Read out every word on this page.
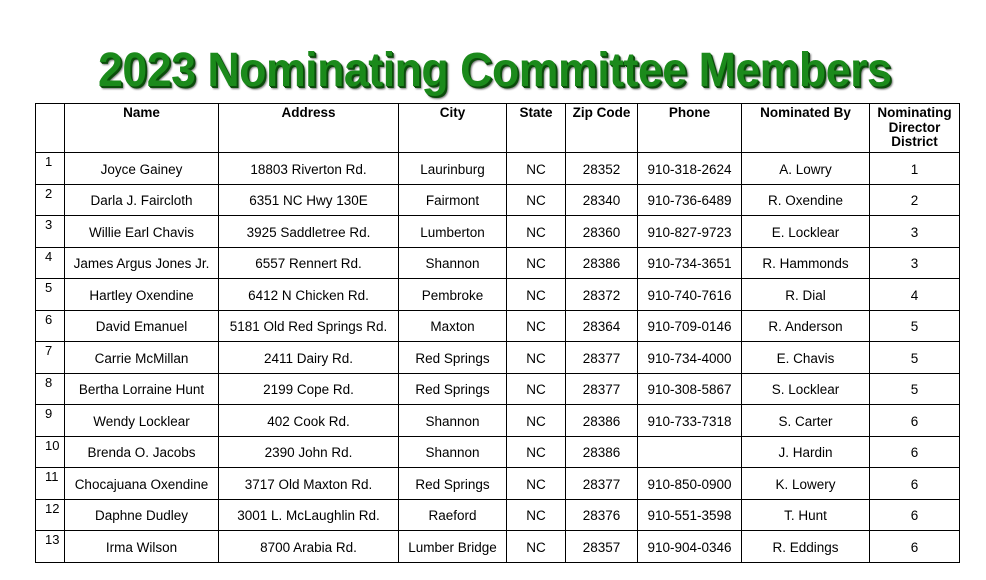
2023 Nominating Committee Members
	Name	Address	City	State	Zip Code	Phone	Nominated By	Nominating Director District
1	Joyce Gainey	18803 Riverton Rd.	Laurinburg	NC	28352	910-318-2624	A. Lowry	1
2	Darla J. Faircloth	6351 NC Hwy 130E	Fairmont	NC	28340	910-736-6489	R. Oxendine	2
3	Willie Earl Chavis	3925 Saddletree Rd.	Lumberton	NC	28360	910-827-9723	E. Locklear	3
4	James Argus Jones Jr.	6557 Rennert Rd.	Shannon	NC	28386	910-734-3651	R. Hammonds	3
5	Hartley Oxendine	6412 N Chicken Rd.	Pembroke	NC	28372	910-740-7616	R. Dial	4
6	David Emanuel	5181 Old Red Springs Rd.	Maxton	NC	28364	910-709-0146	R. Anderson	5
7	Carrie McMillan	2411 Dairy Rd.	Red Springs	NC	28377	910-734-4000	E. Chavis	5
8	Bertha Lorraine Hunt	2199 Cope Rd.	Red Springs	NC	28377	910-308-5867	S. Locklear	5
9	Wendy Locklear	402 Cook Rd.	Shannon	NC	28386	910-733-7318	S. Carter	6
10	Brenda O. Jacobs	2390 John Rd.	Shannon	NC	28386		J. Hardin	6
11	Chocajuana Oxendine	3717 Old Maxton Rd.	Red Springs	NC	28377	910-850-0900	K. Lowery	6
12	Daphne Dudley	3001 L. McLaughlin Rd.	Raeford	NC	28376	910-551-3598	T. Hunt	6
13	Irma Wilson	8700 Arabia Rd.	Lumber Bridge	NC	28357	910-904-0346	R. Eddings	6
